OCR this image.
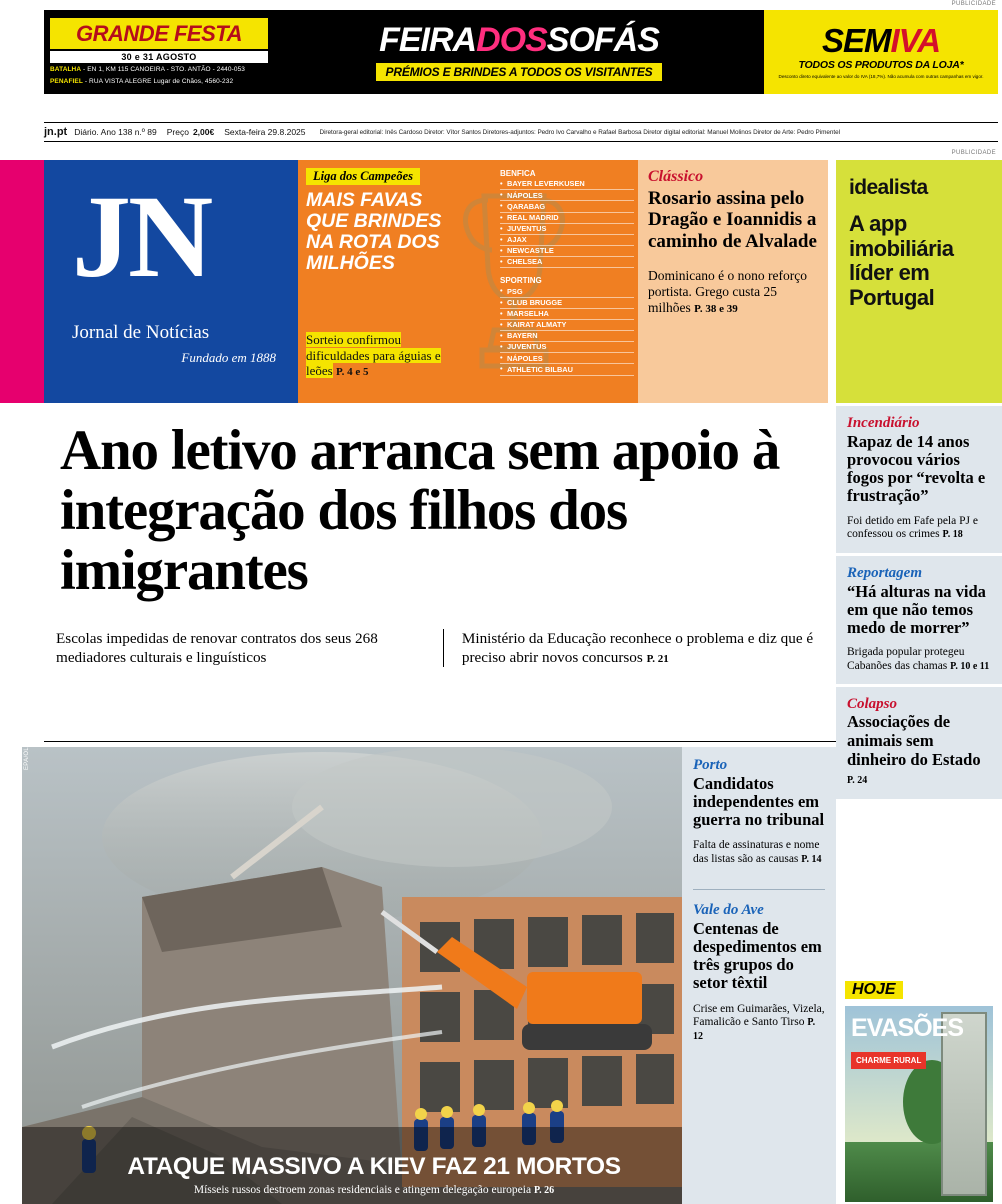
PUBLICIDADE
GRANDE FESTA
30 e 31 AGOSTO
BATALHA - EN 1, KM 115 CANOEIRA - STO. ANTÃO - 2440-053
PENAFIEL - RUA VISTA ALEGRE Lugar de Chãos, 4560-232
FEIRADOSSOFÁS
PRÉMIOS E BRINDES A TODOS OS VISITANTES
SEMIVA
TODOS OS PRODUTOS DA LOJA*
Desconto direto equivalente ao valor do IVA (18,7%). Não acumula com outras campanhas em vigor.
jn.pt Diário. Ano 138 n.º 89 Preço 2,00€ Sexta-feira 29.8.2025 Diretora-geral editorial: Inês Cardoso Diretor: Vítor Santos Diretores-adjuntos: Pedro Ivo Carvalho e Rafael Barbosa Diretor digital editorial: Manuel Molinos Diretor de Arte: Pedro Pimentel
PUBLICIDADE
JN
Jornal de Notícias
Fundado em 1888
Liga dos Campeões
MAIS FAVAS QUE BRINDES NA ROTA DOS MILHÕES
BENFICA
• BAYER LEVERKUSEN
• NÁPOLES
• QARABAG
• REAL MADRID
• JUVENTUS
• AJAX
• NEWCASTLE
• CHELSEA
SPORTING
• PSG
• CLUB BRUGGE
• MARSELHA
• KAIRAT ALMATY
• BAYERN
• JUVENTUS
• NÁPOLES
• ATHLETIC BILBAU
Sorteio confirmou dificuldades para águias e leões P. 4 e 5
Clássico
Rosario assina pelo Dragão e Ioannidis a caminho de Alvalade
Dominicano é o nono reforço portista. Grego custa 25 milhões P. 38 e 39
idealista
A app imobiliária líder em Portugal
Incendiário
Rapaz de 14 anos provocou vários fogos por “revolta e frustração”
Foi detido em Fafe pela PJ e confessou os crimes P. 18
Reportagem
“Há alturas na vida em que não temos medo de morrer”
Brigada popular protegeu Cabanões das chamas P. 10 e 11
Colapso
Associações de animais sem dinheiro do Estado P. 24
Ano letivo arranca sem apoio à integração dos filhos dos imigrantes
Escolas impedidas de renovar contratos dos seus 268 mediadores culturais e linguísticos
Ministério da Educação reconhece o problema e diz que é preciso abrir novos concursos P. 21
ATAQUE MASSIVO A KIEV FAZ 21 MORTOS

Mísseis russos destroem zonas residenciais e atingem delegação europeia P. 26

EPA/OLEG PETRASYUK	Porto
Candidatos independentes em guerra no tribunal
Falta de assinaturas e nome das listas são as causas P. 14
Vale do Ave
Centenas de despedimentos em três grupos do setor têxtil
Crise em Guimarães, Vizela, Famalicão e Santo Tirso P. 12
HOJE
EVASÕES
CHARME RURAL
